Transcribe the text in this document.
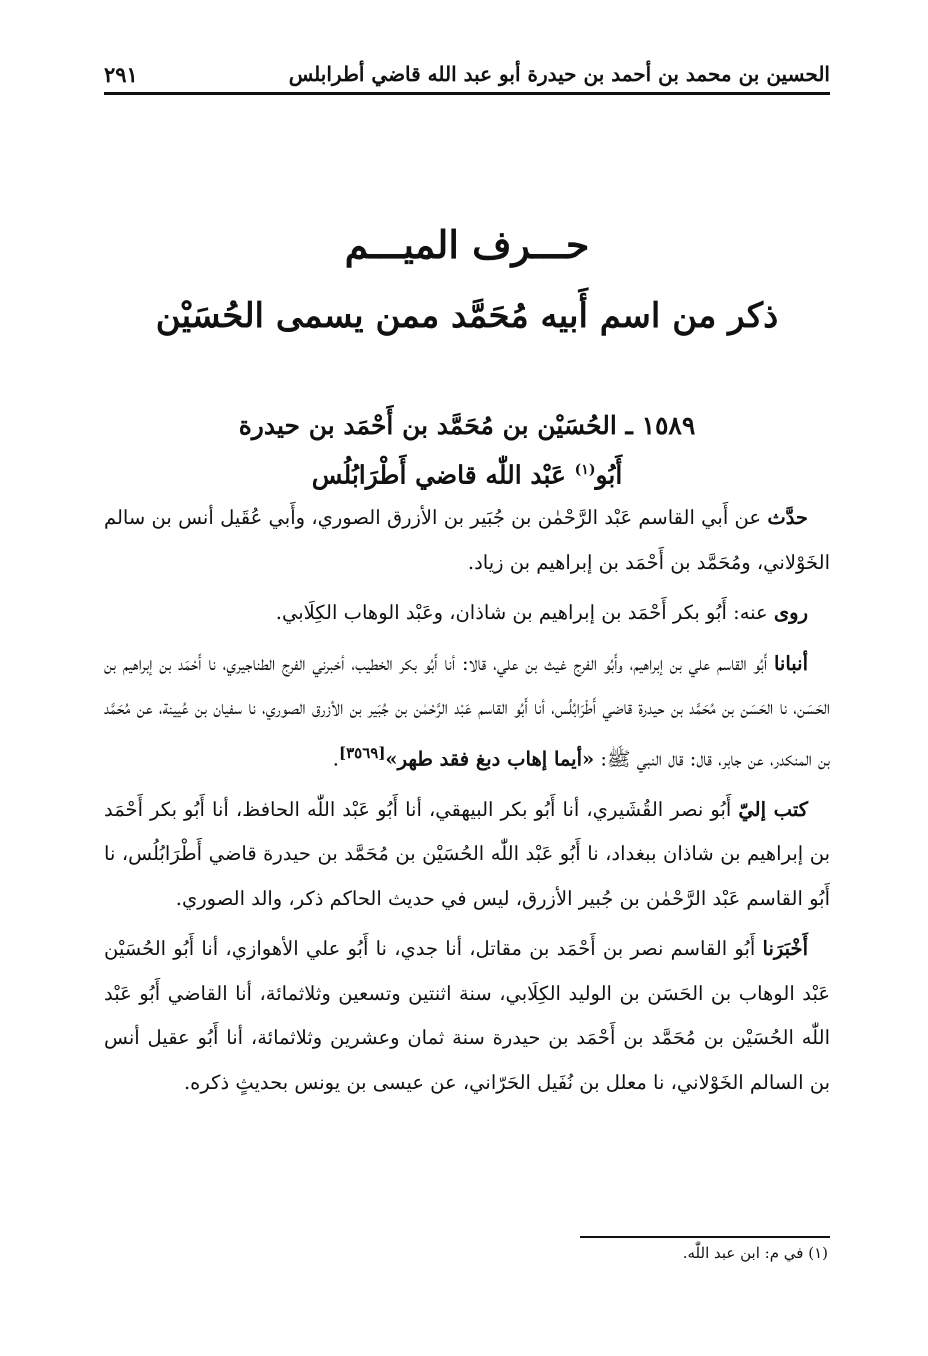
الحسين بن محمد بن أحمد بن حيدرة أبو عبد الله قاضي أطرابلس
٢٩١
حـــرف الميـــم
ذكر من اسم أَبيه مُحَمَّد ممن يسمى الحُسَيْن
١٥٨٩ ـ الحُسَيْن بن مُحَمَّد بن أَحْمَد بن حيدرة
أَبُو$^{(١)}$ عَبْد اللّٰه قاضي أَطْرَابُلُس

حدَّث عن أَبي القاسم عَبْد الرَّحْمٰن بن جُبَير بن الأزرق الصوري، وأَبي عُقَيل أنس بن سالم الخَوْلاني، ومُحَمَّد بن أَحْمَد بن إبراهيم بن زياد.

روى عنه: أَبُو بكر أَحْمَد بن إبراهيم بن شاذان، وعَبْد الوهاب الكِلَابي.

أنبانا أَبُو القاسم علي بن إبراهيم، وأَبُو الفرج غيث بن علي، قالا: أنا أَبُو بكر الخطيب، أخبرني الفرج الطناجيري، نا أَحْمَد بن إبراهيم بن الحَسَن، نا الحَسَن بن مُحَمَّد بن حيدرة قاضي أَطْرَابُلُس، أنا أَبُو القاسم عَبْد الرَّحْمٰن بن جُبَير بن الأزرق الصوري، نا سفيان بن عُيينة، عن مُحَمَّد بن المنكدر، عن جابر، قال: قال النبي ﷺ: «أيما إهاب دبغ فقد طهر»[٣٥٦٩].

كتب إليّ أَبُو نصر القُشَيري، أنا أَبُو بكر البيهقي، أنا أَبُو عَبْد اللّٰه الحافظ، أنا أَبُو بكر أَحْمَد بن إبراهيم بن شاذان ببغداد، نا أَبُو عَبْد اللّٰه الحُسَيْن بن مُحَمَّد بن حيدرة قاضي أَطْرَابُلُس، نا أَبُو القاسم عَبْد الرَّحْمٰن بن جُبير الأزرق، ليس في حديث الحاكم ذكر، والد الصوري.

أَخْبَرَنا أَبُو القاسم نصر بن أَحْمَد بن مقاتل، أنا جدي، نا أَبُو علي الأهوازي، أنا أَبُو الحُسَيْن عَبْد الوهاب بن الحَسَن بن الوليد الكِلَابي، سنة اثنتين وتسعين وثلاثمائة، أنا القاضي أَبُو عَبْد اللّٰه الحُسَيْن بن مُحَمَّد بن أَحْمَد بن حيدرة سنة ثمان وعشرين وثلاثمائة، أنا أَبُو عقيل أنس بن السالم الخَوْلاني، نا معلل بن نُفَيل الحَرّاني، عن عيسى بن يونس بحديثٍ ذكره.

(١) في م: ابن عبد اللّٰه.
